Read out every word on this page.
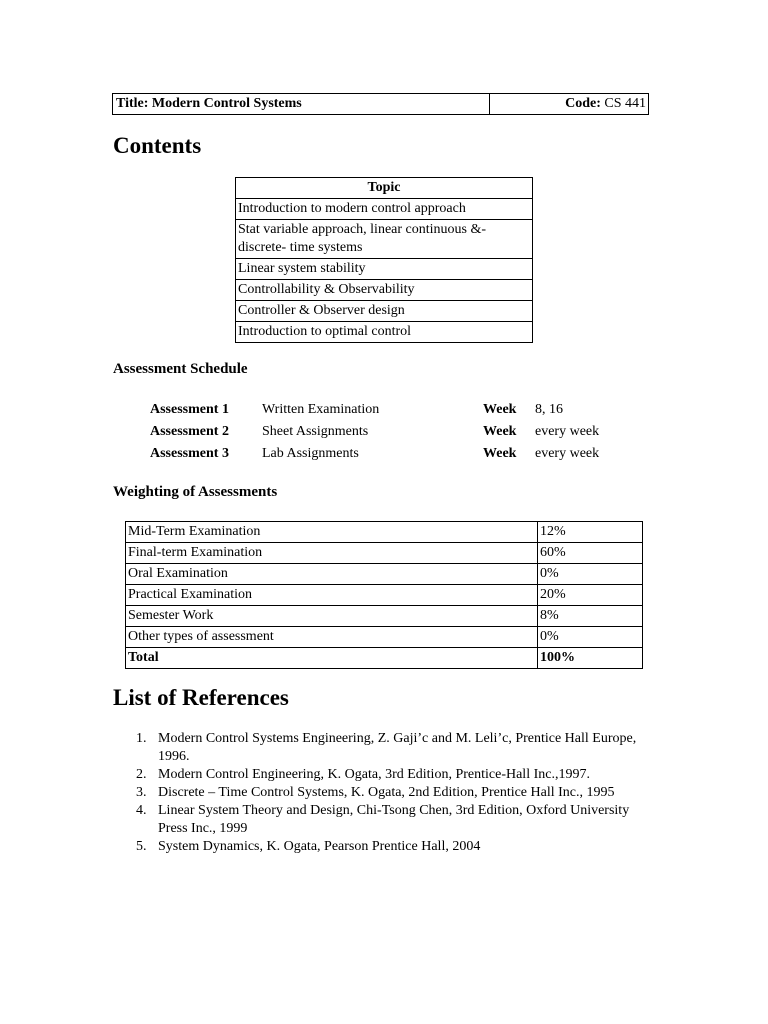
Title: Modern Control Systems	Code: CS 441
Contents
Topic
Introduction to modern control approach
Stat variable approach, linear continuous &- discrete- time systems
Linear system stability
Controllability & Observability
Controller & Observer design
Introduction to optimal control
Assessment Schedule
Assessment 1 Written Examination	Week 8, 16
Assessment 2 Sheet Assignments	Week every week
Assessment 3 Lab Assignments	Week every week
Weighting of Assessments
Mid-Term Examination	12%
Final-term Examination	60%
Oral Examination	0%
Practical Examination	20%
Semester Work	8%
Other types of assessment	0%
Total	100%
List of References
1. Modern Control Systems Engineering, Z. Gaji’c and M. Leli’c, Prentice Hall Europe, 1996.
2. Modern Control Engineering, K. Ogata, 3rd Edition, Prentice-Hall Inc.,1997.
3. Discrete – Time Control Systems, K. Ogata, 2nd Edition, Prentice Hall Inc., 1995
4. Linear System Theory and Design, Chi-Tsong Chen, 3rd Edition, Oxford University Press Inc., 1999
5. System Dynamics, K. Ogata, Pearson Prentice Hall, 2004
